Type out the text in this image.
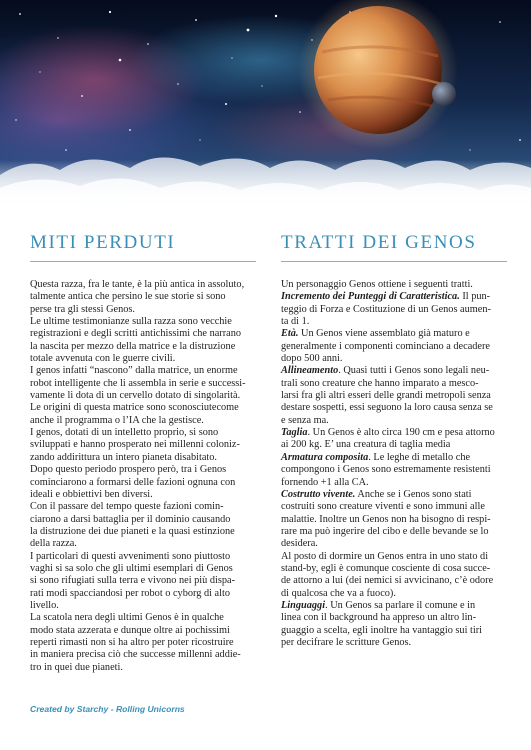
MITI PERDUTI

Questa razza, fra le tante, è la più antica in assoluto,

talmente antica che persino le sue storie si sono

perse tra gli stessi Genos.

Le ultime testimonianze sulla razza sono vecchie

registrazioni e degli scritti antichissimi che narrano

la nascita per mezzo della matrice e la distruzione

totale avvenuta con le guerre civili.

I genos infatti “nascono” dalla matrice, un enorme

robot intelligente che li assembla in serie e successi-

vamente li dota di un cervello dotato di singolarità.

Le origini di questa matrice sono sconosciutecome

anche il programma o l’IA che la gestisce.

I genos, dotati di un intelletto proprio, si sono

sviluppati e hanno prosperato nei millenni coloniz-

zando addirittura un intero pianeta disabitato.

Dopo questo periodo prospero però, tra i Genos

cominciarono a formarsi delle fazioni ognuna con

ideali e obbiettivi ben diversi.

Con il passare del tempo queste fazioni comin-

ciarono a darsi battaglia per il dominio causando

la distruzione dei due pianeti e la quasi estinzione

della razza.

I particolari di questi avvenimenti sono piuttosto

vaghi si sa solo che gli ultimi esemplari di Genos

si sono rifugiati sulla terra e vivono nei più dispa-

rati modi spacciandosi per robot o cyborg di alto

livello.

La scatola nera degli ultimi Genos è in qualche

modo stata azzerata e dunque oltre ai pochissimi

reperti rimasti non si ha altro per poter ricostruire

in maniera precisa ciò che successe millenni addie-

tro in quei due pianeti.

TRATTI DEI GENOS

Un personaggio Genos ottiene i seguenti tratti.

Incremento dei Punteggi di Caratteristica. Il pun-

teggio di Forza e Costituzione di un Genos aumen-

ta di 1.

Età. Un Genos viene assemblato già maturo e

generalmente i componenti cominciano a decadere

dopo 500 anni.

Allineamento. Quasi tutti i Genos sono legali neu-

trali sono creature che hanno imparato a mesco-

larsi fra gli altri esseri delle grandi metropoli senza

destare sospetti, essi seguono la loro causa senza se

e senza ma.

Taglia. Un Genos è alto circa 190 cm e pesa attorno

ai 200 kg. E’ una creatura di taglia media

Armatura composita. Le leghe di metallo che

compongono i Genos sono estremamente resistenti

fornendo +1 alla CA.

Costrutto vivente. Anche se i Genos sono stati

costruiti sono creature viventi e sono immuni alle

malattie. Inoltre un Genos non ha bisogno di respi-

rare ma può ingerire del cibo e delle bevande se lo

desidera.

Al posto di dormire un Genos entra in uno stato di

stand-by, egli è comunque cosciente di cosa succe-

de attorno a lui (dei nemici si avvicinano, c’è odore

di qualcosa che va a fuoco).

Linguaggi. Un Genos sa parlare il comune e in

linea con il background ha appreso un altro lin-

guaggio a scelta, egli inoltre ha vantaggio sui tiri

per decifrare le scritture Genos.

Created by Starchy - Rolling Unicorns
